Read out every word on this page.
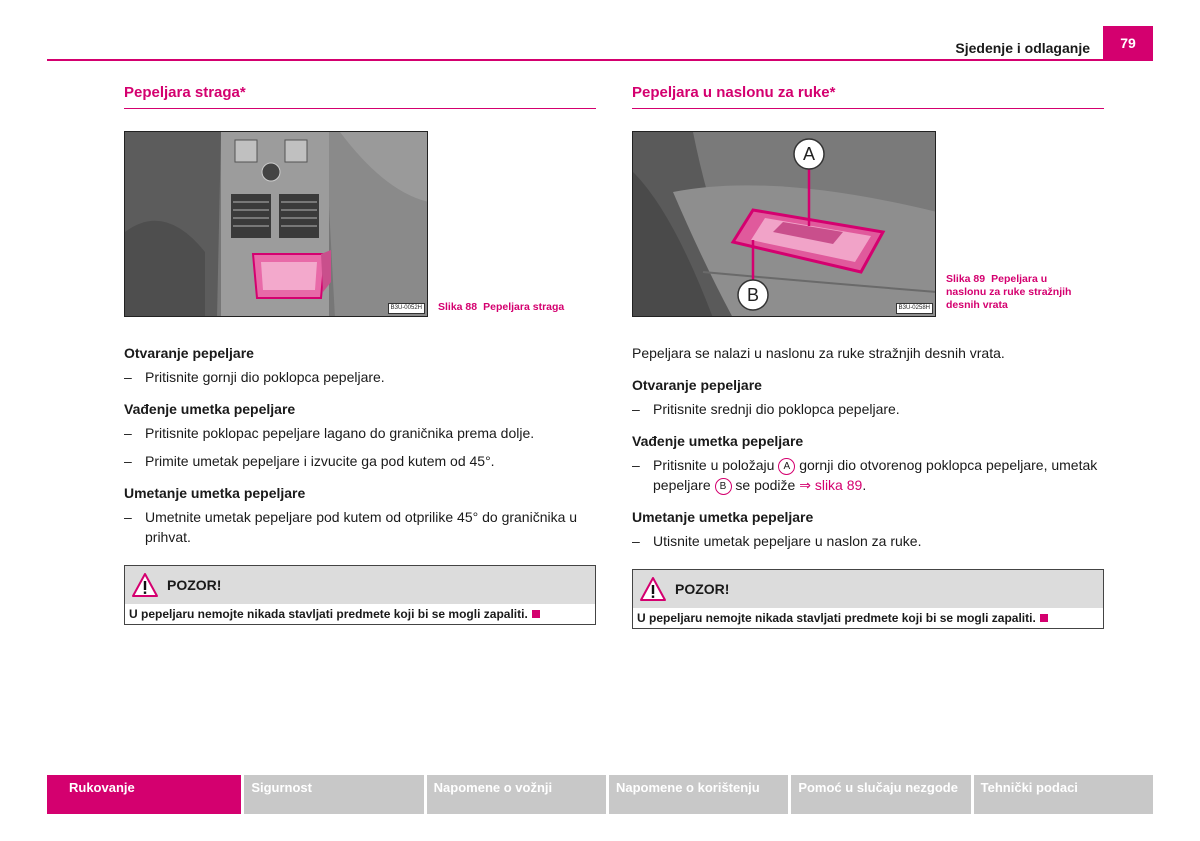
Sjedenje i odlaganje	79
Pepeljara straga*
B3U-0052H Slika 88 Pepeljara straga
Otvaranje pepeljare
– Pritisnite gornji dio poklopca pepeljare.
Vađenje umetka pepeljare
– Pritisnite poklopac pepeljare lagano do graničnika prema dolje.
– Primite umetak pepeljare i izvucite ga pod kutem od 45°.
Umetanje umetka pepeljare
– Umetnite umetak pepeljare pod kutem od otprilike 45° do graničnika u prihvat.
POZOR!
U pepeljaru nemojte nikada stavljati predmete koji bi se mogli zapaliti.
Pepeljara u naslonu za ruke*
A
B
B3U-0258H
Slika 89 Pepeljara u
naslonu za ruke stražnjih
desnih vrata
Pepeljara se nalazi u naslonu za ruke stražnjih desnih vrata.
Otvaranje pepeljare
– Pritisnite srednji dio poklopca pepeljare.
Vađenje umetka pepeljare
– Pritisnite u položaju A gornji dio otvorenog poklopca pepeljare, umetak pepeljare B se podiže ⇒ slika 89.
Umetanje umetka pepeljare
– Utisnite umetak pepeljare u naslon za ruke.
POZOR!
U pepeljaru nemojte nikada stavljati predmete koji bi se mogli zapaliti.
Rukovanje	Sigurnost	Napomene o vožnji	Napomene o korištenju	Pomoć u slučaju nezgode	Tehnički podaci
